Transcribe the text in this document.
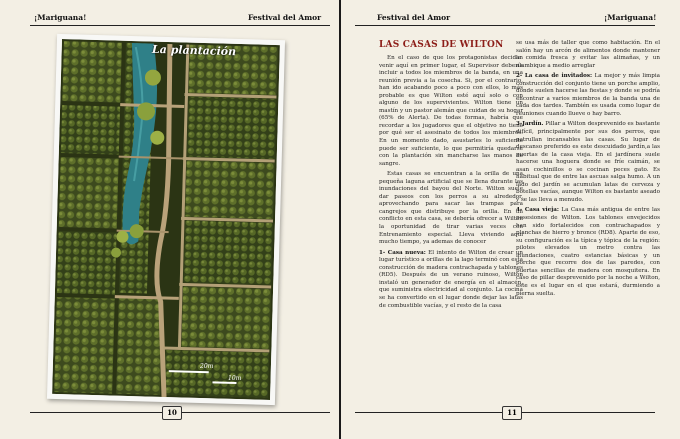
¡Mariguana!	Festival del Amor
La plantación
20m
10m
10
Festival del Amor	¡Mariguana!
LAS CASAS DE WILTON

En el caso de que los protagonistas decidan venir aquí en primer lugar, el Supervisor debería incluir a todos los miembros de la banda, en una reunión previa a la cosecha. Si, por el contrario, han ido acabando poco a poco con ellos, lo más probable es que Wilton esté aquí solo o con alguno de los supervivientes. Wilton tiene un mastín y un pastor alemán que cuidan de su hogar (65% de Alerta). De todas formas, habría que recordar a los jugadores que el objetivo no tiene por qué ser el asesinato de todos los miembros. En un momento dado, asustarles lo suficiente puede ser suficiente, lo que permitiría quedarse con la plantación sin mancharse las manos de sangre.

Estas casas se encuentran a la orilla de una pequeña laguna artificial que se llena durante las inundaciones del bayou del Norte. Wilton suele dar paseos con los perros a su alrededor, aprovechando para sacar las trampas para cangrejos que distribuye por la orilla. En un conflicto en esta casa, se debería ofrecer a Wilton la oportunidad de tirar varias veces con Entrenamiento especial. Lleva viviendo aquí mucho tiempo, ya ademas de conocer

1- Casa nueva: El intento de Wilton de crear un lugar turístico a orillas de la lago terminó con esta construcción de madera contrachapada y tablones (RD5). Después de un verano ruinoso, Wilton instaló un generador de energía en el almacén, que suministra electricidad al conjunto. La cocina se ha convertido en el lugar donde dejar las latas de combustible vacías, y el resto de la casa

se usa más de taller que como habitación. En el salón hay un arcón de alimentos donde mantener la comida fresca y evitar las alimañas, y un alambique a medio arreglar

2- La casa de invitados: La mejor y más limpia construcción del conjunto tiene un porche amplio, donde suelen hacerse las fiestas y donde se podría encontrar a varios miembros de la banda una de cada dos tardes. También es usada como lugar de reuniones cuando llueve o hay barro.

3-Jardín. Pillar a Wilton desprevenido es bastante difícil, principalmente por sus dos perros, que patrullan incansables las casas. Su lugar de descanso preferido es este descuidado jardín,a las puertas de la casa vieja. En el jardínera suele hacerse una hoguera donde se fríe caimán, se asan cochinillos o se cocinan peces gato. Es habitual que de entre las ascuas salga humo. A un lado del jardín se acumulan latas de cerveza y botellas vacías, aunque Wilton es bastante aseado y se las lleva a menudo.

4- Casa vieja: La Casa más antigua de entre las posesiones de Wilton. Los tablones envejecidos han sido fortalecidos con contrachapados y planchas de hierro y bronce (RD8). Aparte de eso, su configuración es la típica y tópica de la región: pilotes elevados un metro contra las inundaciones, cuatro estancias básicas y un porche que recorre dos de las paredes, con puertas sencillas de madera con mosquitera. En caso de pillar desprevenido por la noche a Wilton, este es el lugar en el que estará, durmiendo a pierna suelta.

11
